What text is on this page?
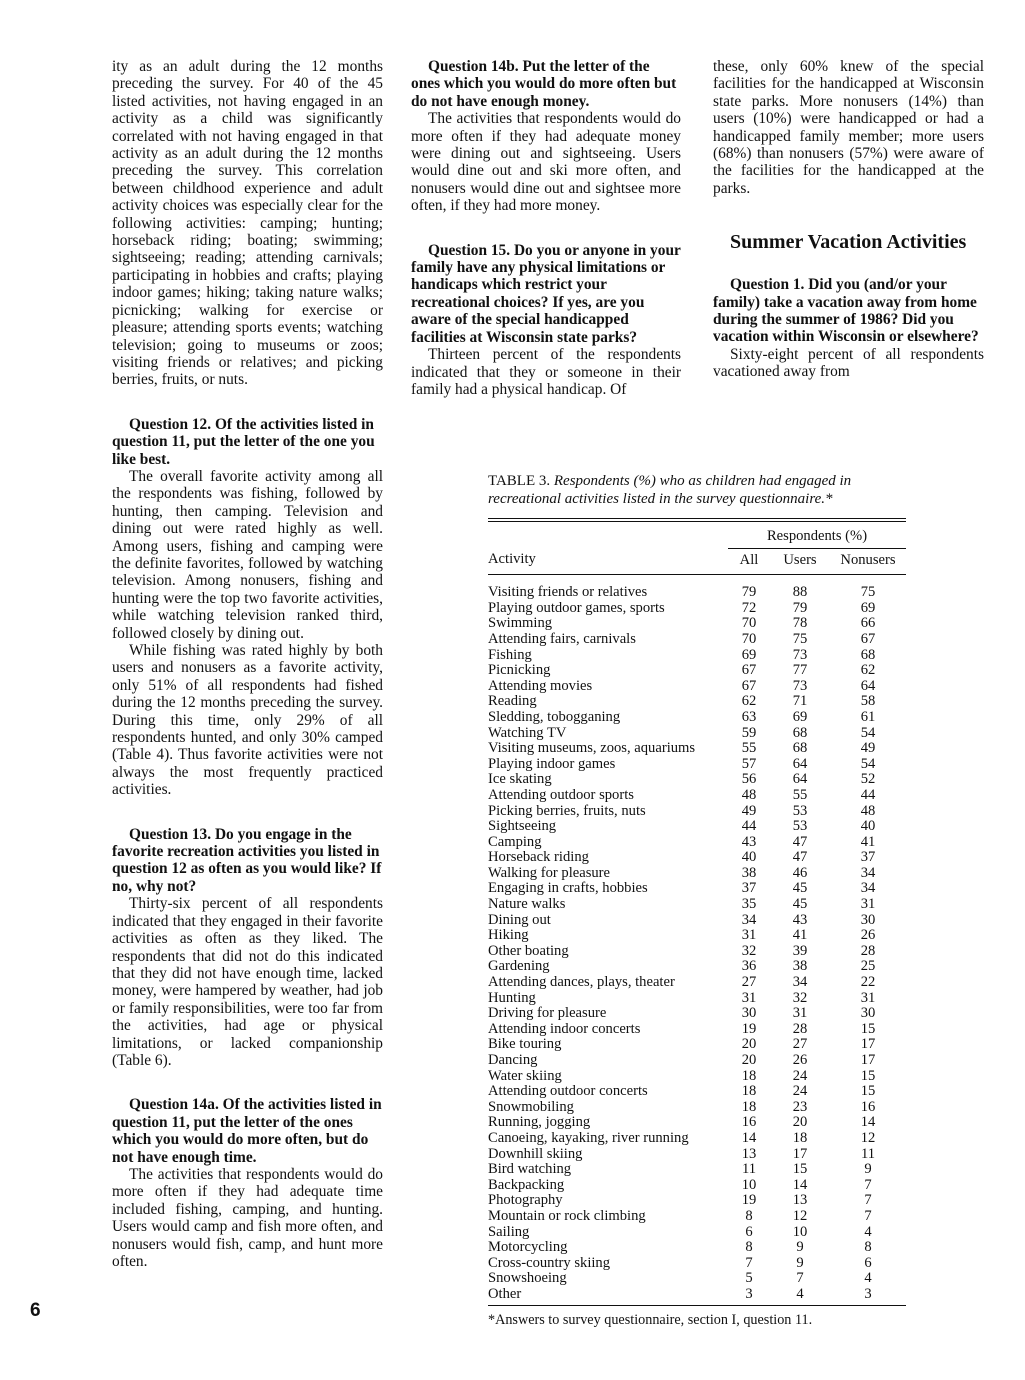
ity as an adult during the 12 months preceding the survey. For 40 of the 45 listed activities, not having engaged in an activity as a child was significantly correlated with not having engaged in that activity as an adult during the 12 months preceding the survey. This correlation between childhood experience and adult activity choices was especially clear for the following activities: camping; hunting; horseback riding; boating; swimming; sightseeing; reading; attending carnivals; participating in hobbies and crafts; playing indoor games; hiking; taking nature walks; picnicking; walking for exercise or pleasure; attending sports events; watching television; going to museums or zoos; visiting friends or relatives; and picking berries, fruits, or nuts.

Question 12. Of the activities listed in question 11, put the letter of the one you like best.

The overall favorite activity among all the respondents was fishing, followed by hunting, then camping. Television and dining out were rated highly as well. Among users, fishing and camping were the definite favorites, followed by watching television. Among nonusers, fishing and hunting were the top two favorite activities, while watching television ranked third, followed closely by dining out.

While fishing was rated highly by both users and nonusers as a favorite activity, only 51% of all respondents had fished during the 12 months preceding the survey. During this time, only 29% of all respondents hunted, and only 30% camped (Table 4). Thus favorite activities were not always the most frequently practiced activities.

Question 13. Do you engage in the favorite recreation activities you listed in question 12 as often as you would like? If no, why not?

Thirty-six percent of all respondents indicated that they engaged in their favorite activities as often as they liked. The respondents that did not do this indicated that they did not have enough time, lacked money, were hampered by weather, had job or family responsibilities, were too far from the activities, had age or physical limitations, or lacked companionship (Table 6).

Question 14a. Of the activities listed in question 11, put the letter of the ones which you would do more often, but do not have enough time.

The activities that respondents would do more often if they had adequate time included fishing, camping, and hunting. Users would camp and fish more often, and nonusers would fish, camp, and hunt more often.

Question 14b. Put the letter of the ones which you would do more often but do not have enough money.

The activities that respondents would do more often if they had adequate money were dining out and sightseeing. Users would dine out and ski more often, and nonusers would dine out and sightsee more often, if they had more money.

Question 15. Do you or anyone in your family have any physical limitations or handicaps which restrict your recreational choices? If yes, are you aware of the special handicapped facilities at Wisconsin state parks?

Thirteen percent of the respondents indicated that they or someone in their family had a physical handicap. Of

these, only 60% knew of the special facilities for the handicapped at Wisconsin state parks. More nonusers (14%) than users (10%) were handicapped or had a handicapped family member; more users (68%) than nonusers (57%) were aware of the facilities for the handicapped at the parks.

Summer Vacation Activities

Question 1. Did you (and/or your family) take a vacation away from home during the summer of 1986? Did you vacation within Wisconsin or elsewhere?

Sixty-eight percent of all respondents vacationed away from

TABLE 3. Respondents (%) who as children had engaged in recreational activities listed in the survey questionnaire.*

	Respondents (%)		
Activity	All	Users	Nonusers
Visiting friends or relatives	79	88	75
Playing outdoor games, sports	72	79	69
Swimming	70	78	66
Attending fairs, carnivals	70	75	67
Fishing	69	73	68
Picnicking	67	77	62
Attending movies	67	73	64
Reading	62	71	58
Sledding, tobogganing	63	69	61
Watching TV	59	68	54
Visiting museums, zoos, aquariums	55	68	49
Playing indoor games	57	64	54
Ice skating	56	64	52
Attending outdoor sports	48	55	44
Picking berries, fruits, nuts	49	53	48
Sightseeing	44	53	40
Camping	43	47	41
Horseback riding	40	47	37
Walking for pleasure	38	46	34
Engaging in crafts, hobbies	37	45	34
Nature walks	35	45	31
Dining out	34	43	30
Hiking	31	41	26
Other boating	32	39	28
Gardening	36	38	25
Attending dances, plays, theater	27	34	22
Hunting	31	32	31
Driving for pleasure	30	31	30
Attending indoor concerts	19	28	15
Bike touring	20	27	17
Dancing	20	26	17
Water skiing	18	24	15
Attending outdoor concerts	18	24	15
Snowmobiling	18	23	16
Running, jogging	16	20	14
Canoeing, kayaking, river running	14	18	12
Downhill skiing	13	17	11
Bird watching	11	15	9
Backpacking	10	14	7
Photography	19	13	7
Mountain or rock climbing	8	12	7
Sailing	6	10	4
Motorcycling	8	9	8
Cross-country skiing	7	9	6
Snowshoeing	5	7	4
Other	3	4	3
*Answers to survey questionnaire, section I, question 11.
6
